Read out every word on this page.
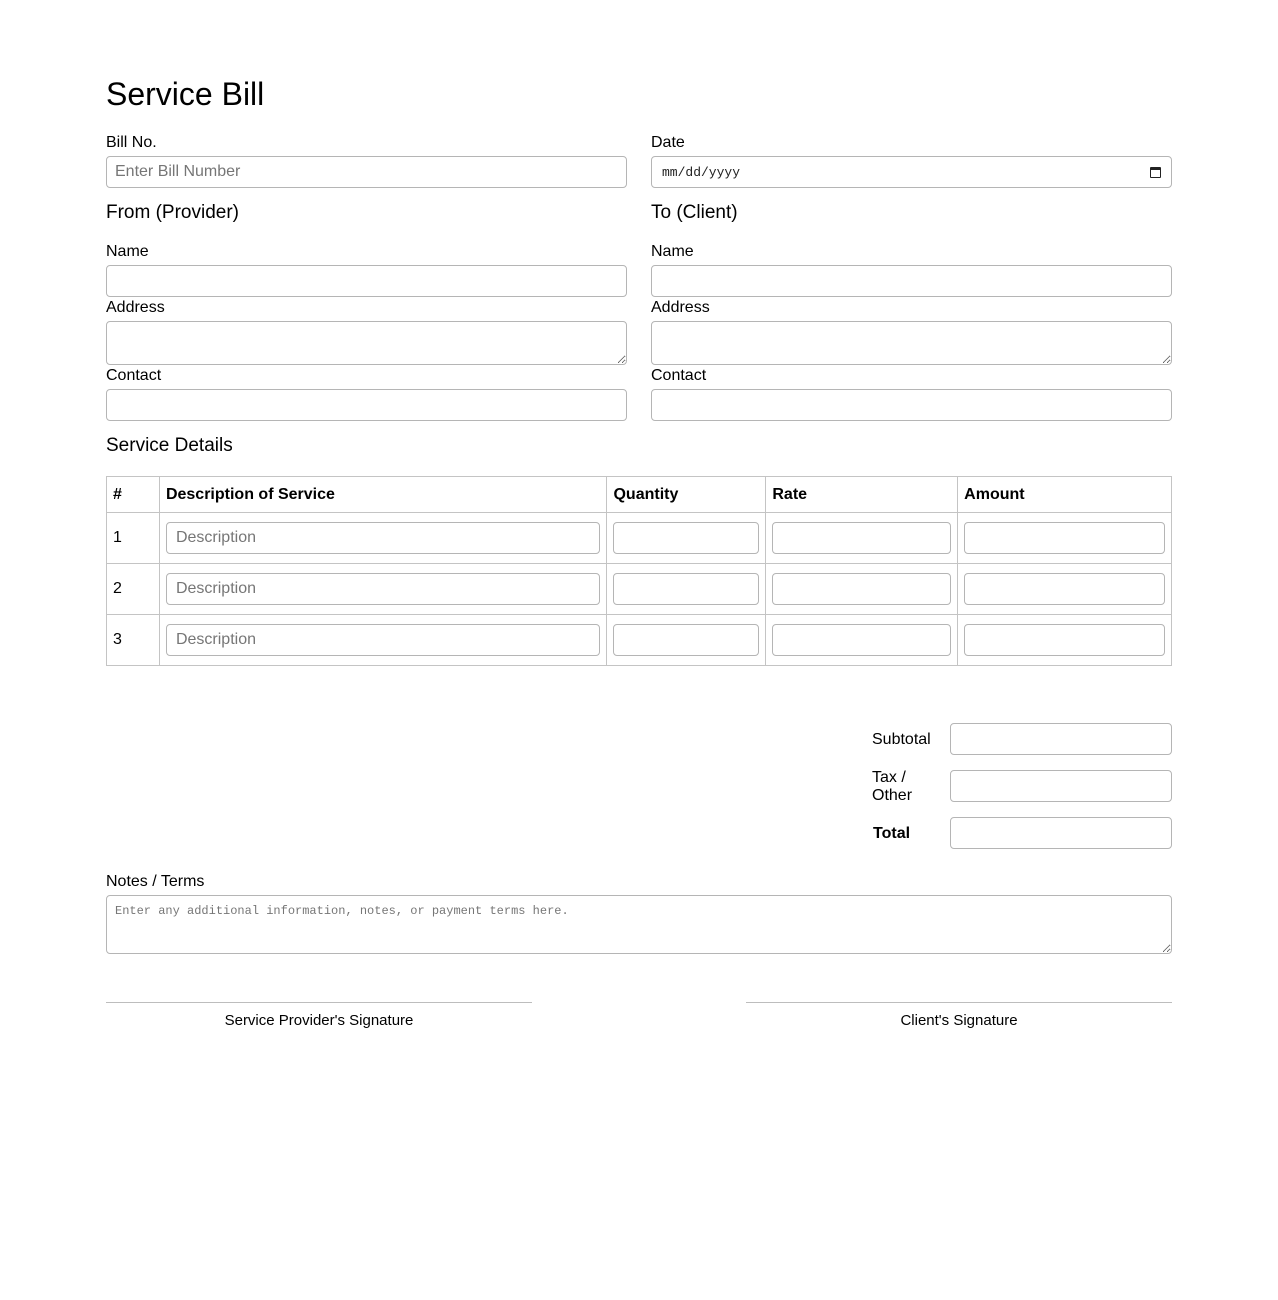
Service Bill
Bill No.
Enter Bill Number	Date
mm/dd/yyyy
From (Provider)
Name
Address
Contact
To (Client)
Name
Address
Contact
Service Details
#	Description of Service	Quantity	Rate	Amount
1	Description			
2	Description			
3	Description			
Subtotal
Tax /
Other
Total
Notes / Terms
Enter any additional information, notes, or payment terms here.
Service Provider's Signature	Client's Signature
